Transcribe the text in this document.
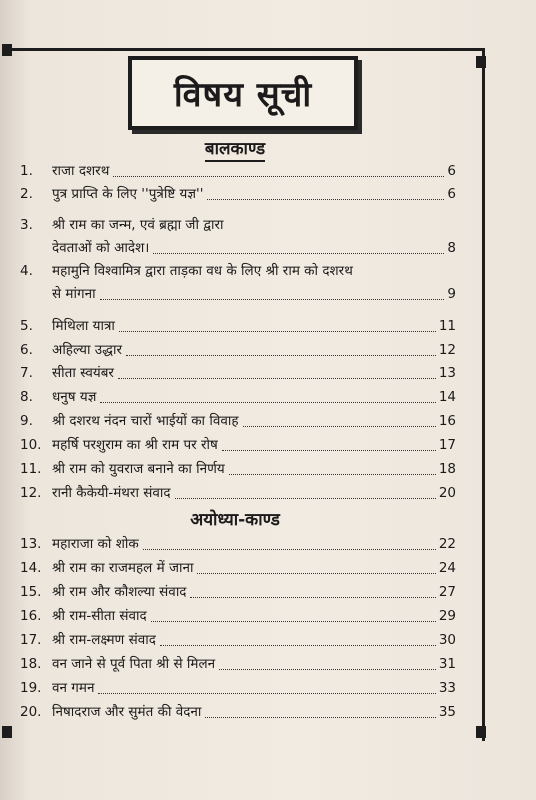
विषय सूची
बालकाण्ड
अयोध्या-काण्ड
1.	राजा दशरथ	6
2.	पुत्र प्राप्ति के लिए ''पुत्रेष्टि यज्ञ''	6
3.	श्री राम का जन्म, एवं ब्रह्मा जी द्वारा
देवताओं को आदेश।	8
4.	महामुनि विश्वामित्र द्वारा ताड़का वध के लिए श्री राम को दशरथ
से मांगना	9
5.	मिथिला यात्रा	11
6.	अहिल्या उद्धार	12
7.	सीता स्वयंबर	13
8.	धनुष यज्ञ	14
9.	श्री दशरथ नंदन चारों भाईयों का विवाह	16
10. महर्षि परशुराम का श्री राम पर रोष	17
11. श्री राम को युवराज बनाने का निर्णय	18
12. रानी कैकेयी-मंथरा संवाद	20
13. महाराजा को शोक	22
14. श्री राम का राजमहल में जाना	24
15. श्री राम और कौशल्या संवाद	27
16. श्री राम-सीता संवाद	29
17. श्री राम-लक्ष्मण संवाद	30
18. वन जाने से पूर्व पिता श्री से मिलन	31
19. वन गमन	33
20. निषादराज और सुमंत की वेदना	35
